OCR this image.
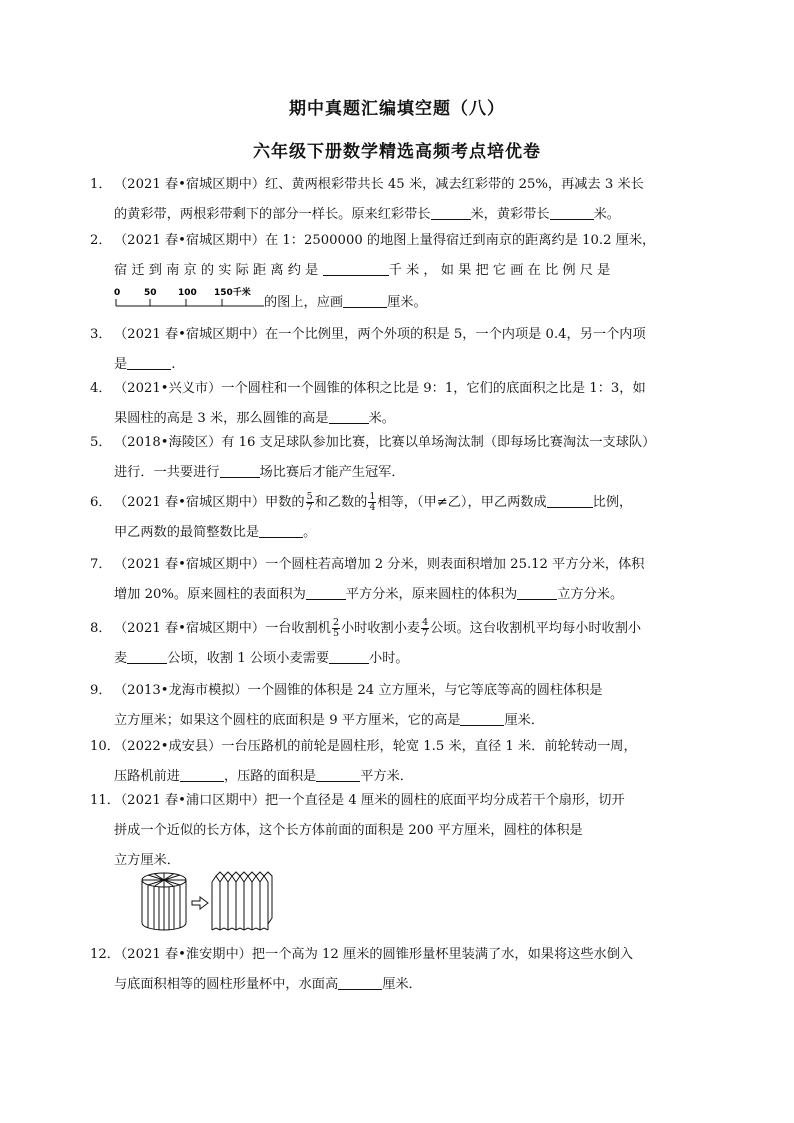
期中真题汇编填空题（八）
六年级下册数学精选高频考点培优卷
1． （2021 春•宿城区期中）红、黄两根彩带共长 45 米，减去红彩带的 25%，再减去 3 米长
的黄彩带，两根彩带剩下的部分一样长。原来红彩带长	米，黄彩带长	米。
2． （2021 春•宿城区期中）在 1：2500000 的地图上量得宿迁到南京的距离约是 10.2 厘米，
宿 迁 到 南 京 的 实 际 距 离 约 是	千 米 ， 如 果 把 它 画 在 比 例 尺 是
0	50 100 150千米
的图上，应画	厘米。
3． （2021 春•宿城区期中）在一个比例里，两个外项的积是 5，一个内项是 0.4，另一个内项
是	.
4． （2021•兴义市）一个圆柱和一个圆锥的体积之比是 9：1，它们的底面积之比是 1：3，如
果圆柱的高是 3 米，那么圆锥的高是	米。
5． （2018•海陵区）有 16 支足球队参加比赛，比赛以单场淘汰制（即每场比赛淘汰一支球队）
进行．一共要进行	场比赛后才能产生冠军．
6． （2021 春•宿城区期中）甲数的 $\frac{5}{7}$ 和乙数的 $\frac{1}{4}$ 相等，（甲≠乙），甲乙两数成	比例，
甲乙两数的最简整数比是	。
7． （2021 春•宿城区期中）一个圆柱若高增加 2 分米，则表面积增加 25.12 平方分米，体积
增加 20%。原来圆柱的表面积为	平方分米，原来圆柱的体积为	立方分米。
8． （2021 春•宿城区期中）一台收割机 $\frac{2}{5}$ 小时收割小麦 $\frac{4}{7}$ 公顷。这台收割机平均每小时收割小
麦	公顷，收割 1 公顷小麦需要	小时。
9． （2013•龙海市模拟）一个圆锥的体积是 24 立方厘米，与它等底等高的圆柱体积是
立方厘米；如果这个圆柱的底面积是 9 平方厘米，它的高是	厘米．
10．（2022•成安县）一台压路机的前轮是圆柱形，轮宽 1.5 米，直径 1 米．前轮转动一周，
压路机前进	，压路的面积是	平方米．
11．（2021 春•浦口区期中）把一个直径是 4 厘米的圆柱的底面平均分成若干个扇形，切开
拼成一个近似的长方体，这个长方体前面的面积是 200 平方厘米，圆柱的体积是
立方厘米．
12．（2021 春•淮安期中）把一个高为 12 厘米的圆锥形量杯里装满了水，如果将这些水倒入
与底面积相等的圆柱形量杯中，水面高	厘米．
